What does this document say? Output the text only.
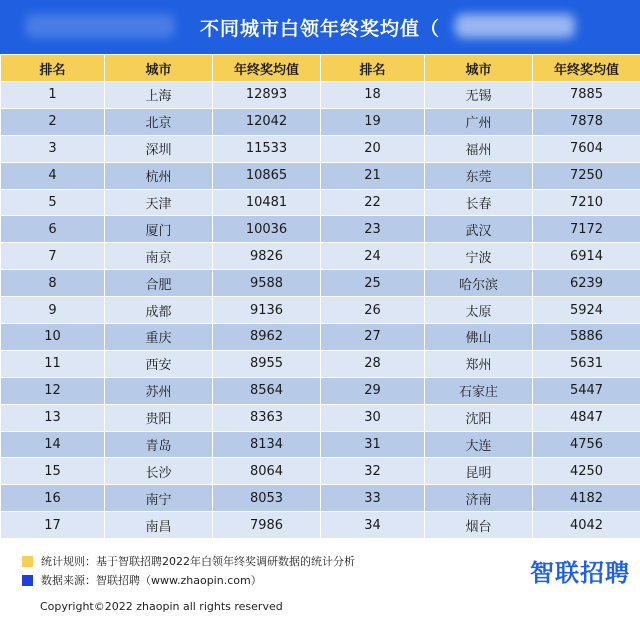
不同城市白领年终奖均值（
排名	城市	年终奖均值	排名	城市	年终奖均值
1	上海	12893	18	无锡	7885
2	北京	12042	19	广州	7878
3	深圳	11533	20	福州	7604
4	杭州	10865	21	东莞	7250
5	天津	10481	22	长春	7210
6	厦门	10036	23	武汉	7172
7	南京	9826	24	宁波	6914
8	合肥	9588	25	哈尔滨	6239
9	成都	9136	26	太原	5924
10	重庆	8962	27	佛山	5886
11	西安	8955	28	郑州	5631
12	苏州	8564	29	石家庄	5447
13	贵阳	8363	30	沈阳	4847
14	青岛	8134	31	大连	4756
15	长沙	8064	32	昆明	4250
16	南宁	8053	33	济南	4182
17	南昌	7986	34	烟台	4042
统计规则：基于智联招聘2022年白领年终奖调研数据的统计分析
数据来源：智联招聘（www.zhaopin.com）	智联招聘
Copyright©2022 zhaopin all rights reserved
